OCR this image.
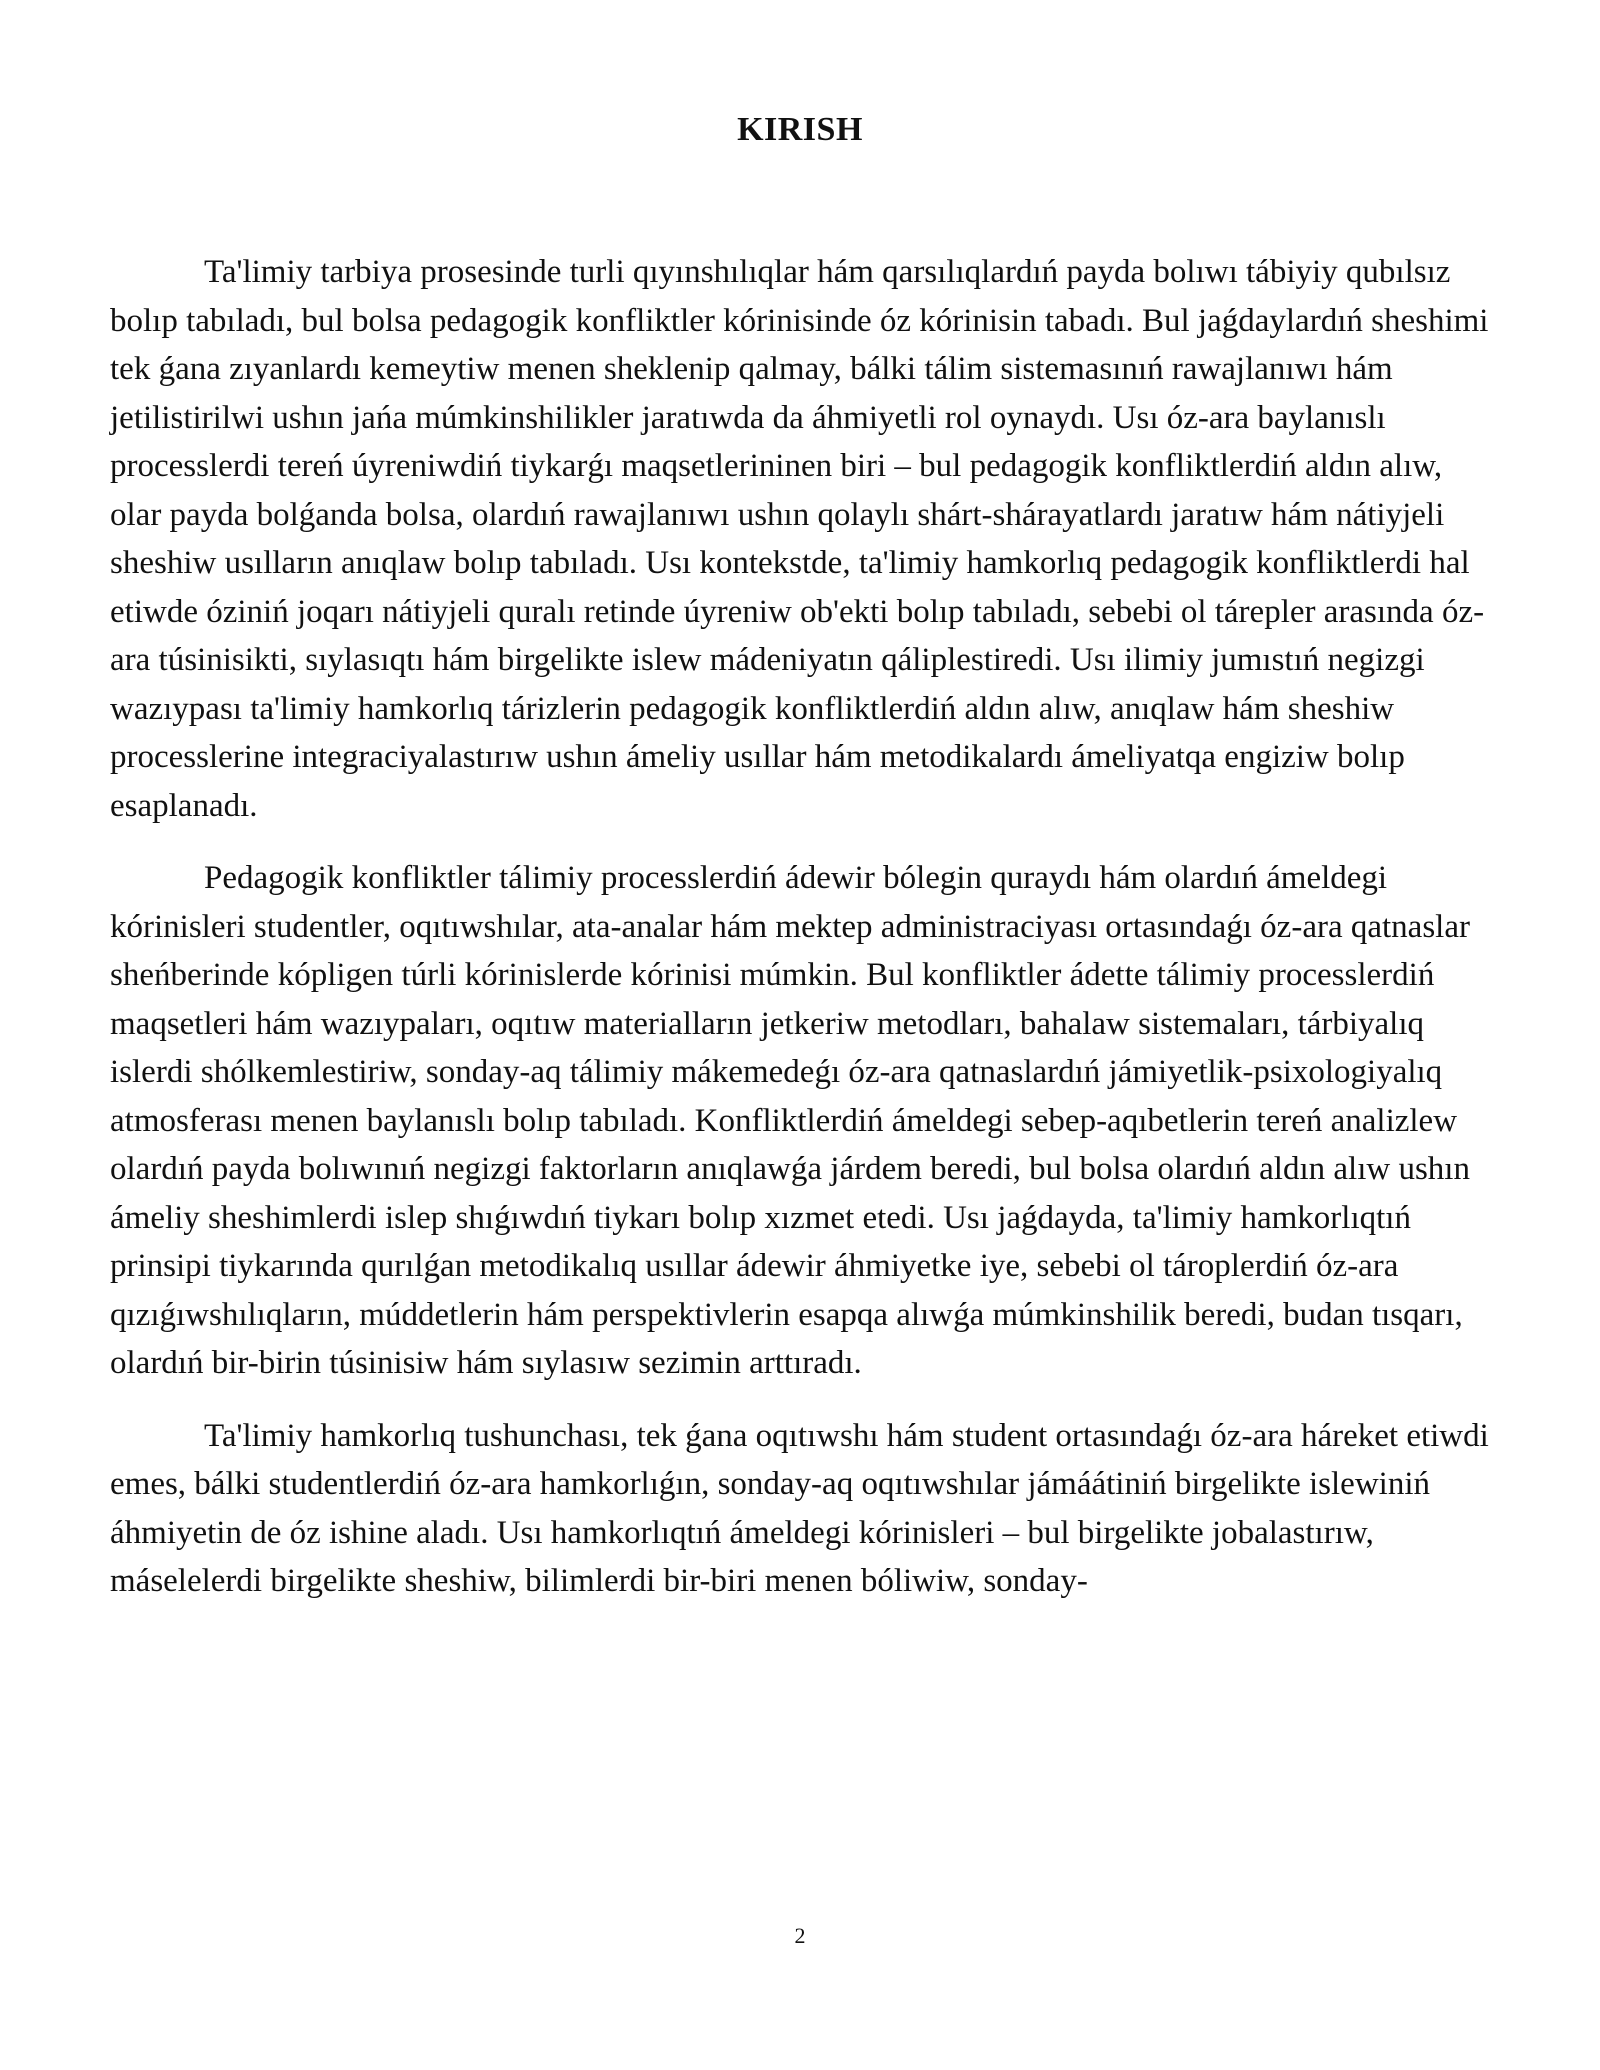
KIRISH

Ta'limiy tarbiya prosesinde turli qıyınshılıqlar hám qarsılıqlardıń payda bolıwı tábiyiy qubılsız bolıp tabıladı, bul bolsa pedagogik konfliktler kórinisinde óz kórinisin tabadı. Bul jaǵdaylardıń sheshimi tek ǵana zıyanlardı kemeytiw menen sheklenip qalmay, bálki tálim sistemasınıń rawajlanıwı hám jetilistirilwi ushın jańa múmkinshilikler jaratıwda da áhmiyetli rol oynaydı. Usı óz-ara baylanıslı processlerdi tereń úyreniwdiń tiykarǵı maqsetlerininen biri – bul pedagogik konfliktlerdiń aldın alıw, olar payda bolǵanda bolsa, olardıń rawajlanıwı ushın qolaylı shárt-shárayatlardı jaratıw hám nátiyjeli sheshiw usılların anıqlaw bolıp tabıladı. Usı kontekstde, ta'limiy hamkorlıq pedagogik konfliktlerdi hal etiwde óziniń joqarı nátiyjeli quralı retinde úyreniw ob'ekti bolıp tabıladı, sebebi ol tárepler arasında óz-ara túsinisikti, sıylasıqtı hám birgelikte islew mádeniyatın qáliplestiredi. Usı ilimiy jumıstıń negizgi wazıypası ta'limiy hamkorlıq tárizlerin pedagogik konfliktlerdiń aldın alıw, anıqlaw hám sheshiw processlerine integraciyalastırıw ushın ámeliy usıllar hám metodikalardı ámeliyatqa engiziw bolıp esaplanadı.

Pedagogik konfliktler tálimiy processlerdiń ádewir bólegin quraydı hám olardıń ámeldegi kórinisleri studentler, oqıtıwshılar, ata-analar hám mektep administraciyası ortasındaǵı óz-ara qatnaslar sheńberinde kópligen túrli kórinislerde kórinisi múmkin. Bul konfliktler ádette tálimiy processlerdiń maqsetleri hám wazıypaları, oqıtıw materialların jetkeriw metodları, bahalaw sistemaları, tárbiyalıq islerdi shólkemlestiriw, sonday-aq tálimiy mákemedeǵı óz-ara qatnaslardıń jámiyetlik-psixologiyalıq atmosferası menen baylanıslı bolıp tabıladı. Konfliktlerdiń ámeldegi sebep-aqıbetlerin tereń analizlew olardıń payda bolıwınıń negizgi faktorların anıqlawǵa járdem beredi, bul bolsa olardıń aldın alıw ushın ámeliy sheshimlerdi islep shıǵıwdıń tiykarı bolıp xızmet etedi. Usı jaǵdayda, ta'limiy hamkorlıqtıń prinsipi tiykarında qurılǵan metodikalıq usıllar ádewir áhmiyetke iye, sebebi ol tároplerdiń óz-ara qızıǵıwshılıqların, múddetlerin hám perspektivlerin esapqa alıwǵa múmkinshilik beredi, budan tısqarı, olardıń bir-birin túsinisiw hám sıylasıw sezimin arttıradı.

Ta'limiy hamkorlıq tushunchası, tek ǵana oqıtıwshı hám student ortasındaǵı óz-ara háreket etiwdi emes, bálki studentlerdiń óz-ara hamkorlıǵın, sonday-aq oqıtıwshılar jámáátiniń birgelikte islewiniń áhmiyetin de óz ishine aladı. Usı hamkorlıqtıń ámeldegi kórinisleri – bul birgelikte jobalastırıw, máselelerdi birgelikte sheshiw, bilimlerdi bir-biri menen bóliwiw, sonday-

2
